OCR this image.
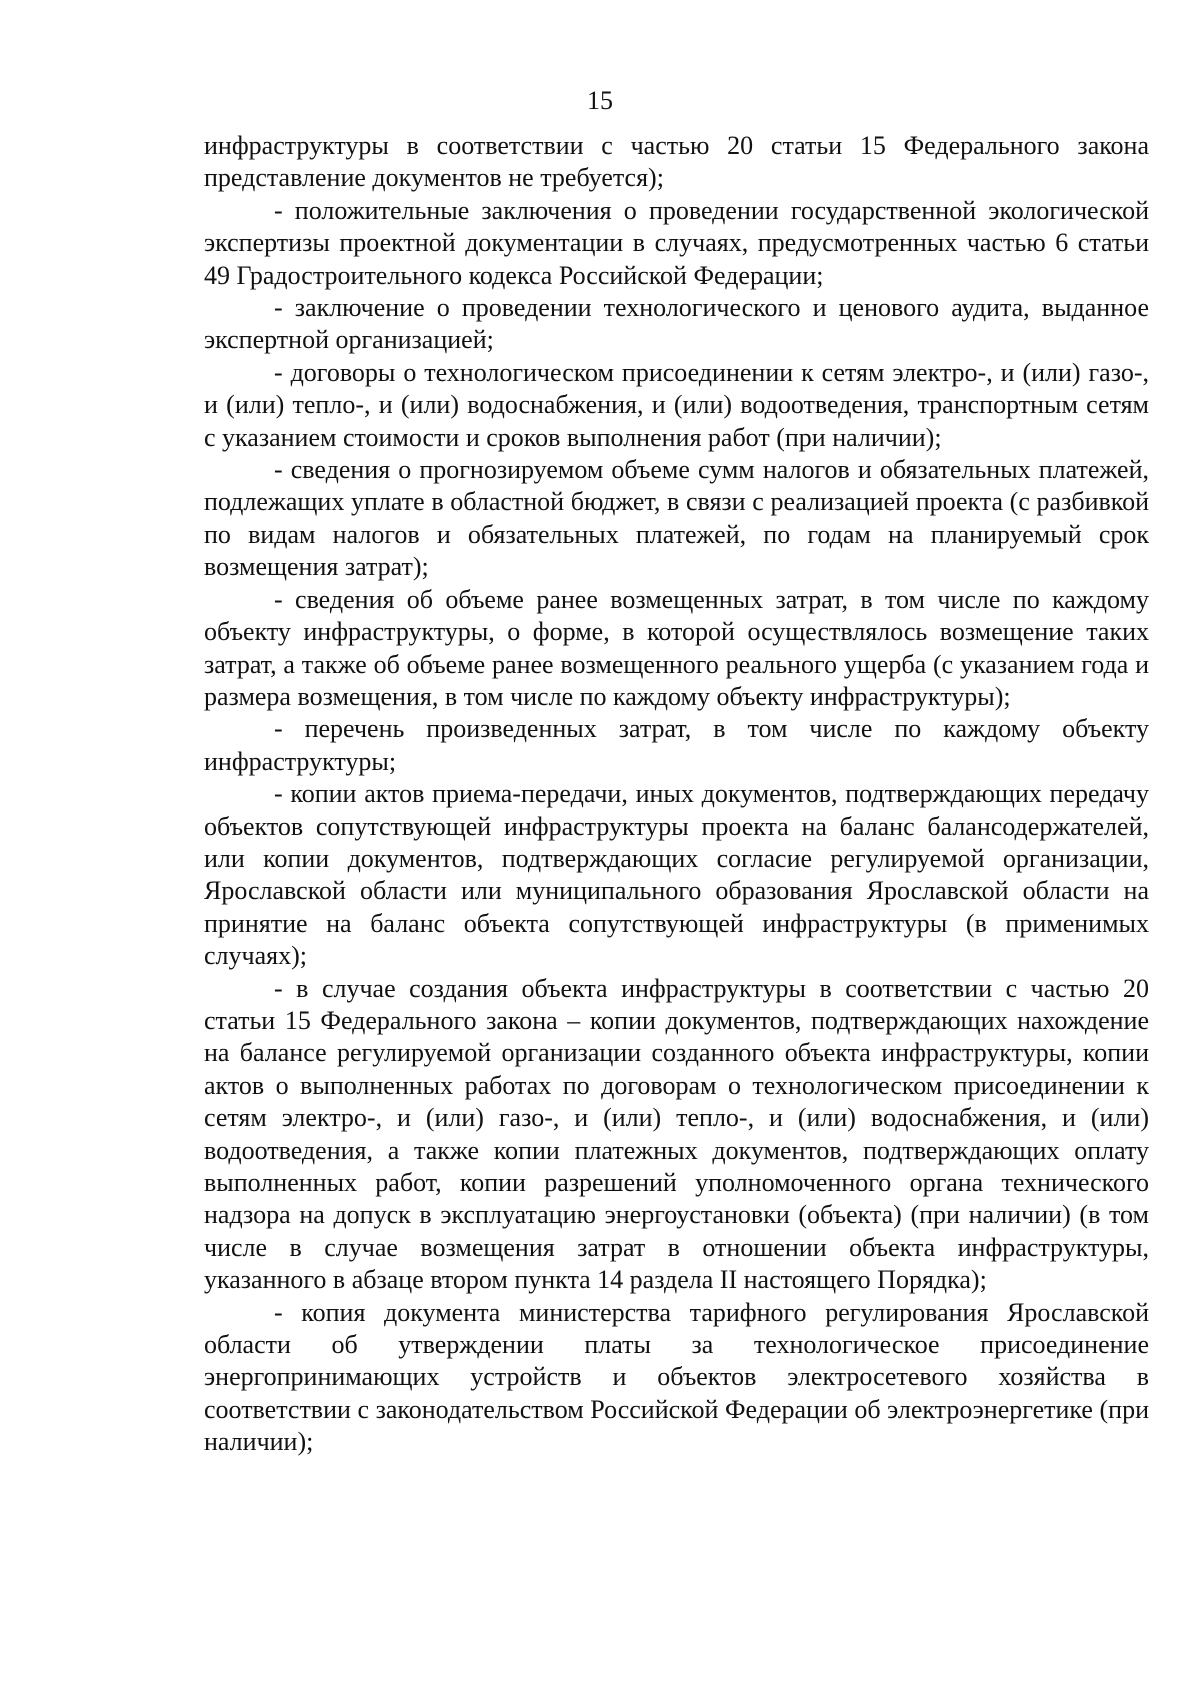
15

инфраструктуры в соответствии с частью 20 статьи 15 Федерального закона представление документов не требуется);

- положительные заключения о проведении государственной экологической экспертизы проектной документации в случаях, предусмотренных частью 6 статьи 49 Градостроительного кодекса Российской Федерации;

- заключение о проведении технологического и ценового аудита, выданное экспертной организацией;

- договоры о технологическом присоединении к сетям электро-, и (или) газо-, и (или) тепло-, и (или) водоснабжения, и (или) водоотведения, транспортным сетям с указанием стоимости и сроков выполнения работ (при наличии);

- сведения о прогнозируемом объеме сумм налогов и обязательных платежей, подлежащих уплате в областной бюджет, в связи с реализацией проекта (с разбивкой по видам налогов и обязательных платежей, по годам на планируемый срок возмещения затрат);

- сведения об объеме ранее возмещенных затрат, в том числе по каждому объекту инфраструктуры, о форме, в которой осуществлялось возмещение таких затрат, а также об объеме ранее возмещенного реального ущерба (с указанием года и размера возмещения, в том числе по каждому объекту инфраструктуры);

- перечень произведенных затрат, в том числе по каждому объекту инфраструктуры;

- копии актов приема-передачи, иных документов, подтверждающих передачу объектов сопутствующей инфраструктуры проекта на баланс балансодержателей, или копии документов, подтверждающих согласие регулируемой организации, Ярославской области или муниципального образования Ярославской области на принятие на баланс объекта сопутствующей инфраструктуры (в применимых случаях);

- в случае создания объекта инфраструктуры в соответствии с частью 20 статьи 15 Федерального закона – копии документов, подтверждающих нахождение на балансе регулируемой организации созданного объекта инфраструктуры, копии актов о выполненных работах по договорам о технологическом присоединении к сетям электро-, и (или) газо-, и (или) тепло-, и (или) водоснабжения, и (или) водоотведения, а также копии платежных документов, подтверждающих оплату выполненных работ, копии разрешений уполномоченного органа технического надзора на допуск в эксплуатацию энергоустановки (объекта) (при наличии) (в том числе в случае возмещения затрат в отношении объекта инфраструктуры, указанного в абзаце втором пункта 14 раздела II настоящего Порядка);

- копия документа министерства тарифного регулирования Ярославской области об утверждении платы за технологическое присоединение энергопринимающих устройств и объектов электросетевого хозяйства в соответствии с законодательством Российской Федерации об электроэнергетике (при наличии);
